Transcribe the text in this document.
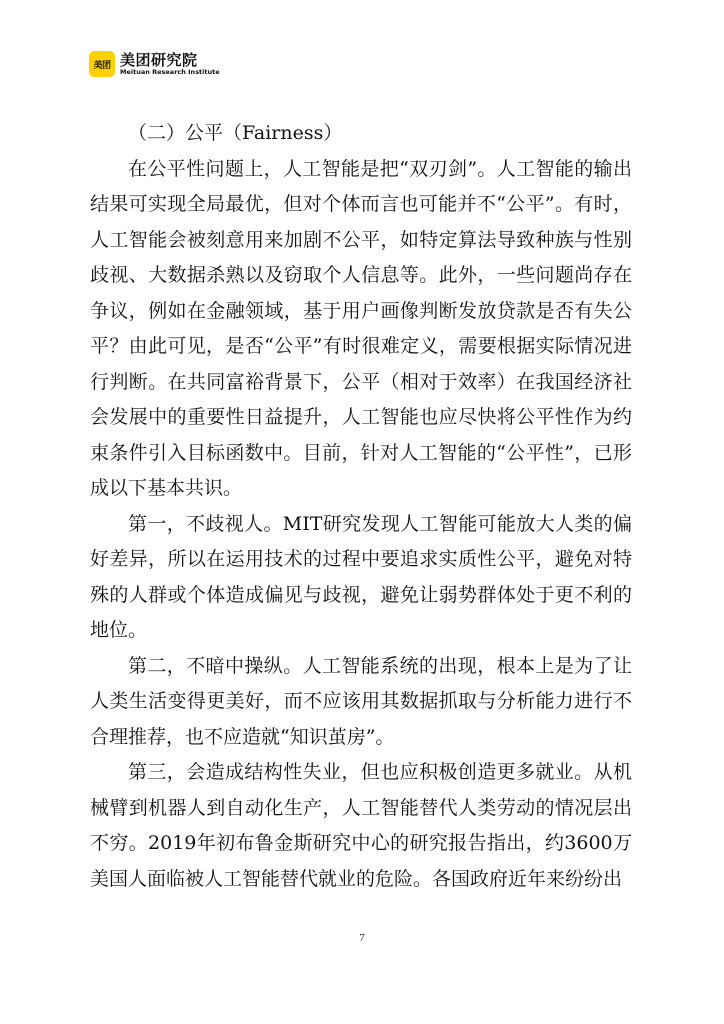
美团 美团研究院
Meituan Research Institute

（二）公平（Fairness）

在公平性问题上，人工智能是把“双刃剑”。人工智能的输出结果可实现全局最优，但对个体而言也可能并不“公平”。有时，人工智能会被刻意用来加剧不公平，如特定算法导致种族与性别歧视、大数据杀熟以及窃取个人信息等。此外，一些问题尚存在争议，例如在金融领域，基于用户画像判断发放贷款是否有失公平？由此可见，是否“公平”有时很难定义，需要根据实际情况进行判断。在共同富裕背景下，公平（相对于效率）在我国经济社会发展中的重要性日益提升，人工智能也应尽快将公平性作为约束条件引入目标函数中。目前，针对人工智能的“公平性”，已形成以下基本共识。

第一，不歧视人。MIT研究发现人工智能可能放大人类的偏好差异，所以在运用技术的过程中要追求实质性公平，避免对特殊的人群或个体造成偏见与歧视，避免让弱势群体处于更不利的地位。

第二，不暗中操纵。人工智能系统的出现，根本上是为了让人类生活变得更美好，而不应该用其数据抓取与分析能力进行不合理推荐，也不应造就“知识茧房”。

第三，会造成结构性失业，但也应积极创造更多就业。从机械臂到机器人到自动化生产，人工智能替代人类劳动的情况层出不穷。2019年初布鲁金斯研究中心的研究报告指出，约3600万美国人面临被人工智能替代就业的危险。各国政府近年来纷纷出

7
